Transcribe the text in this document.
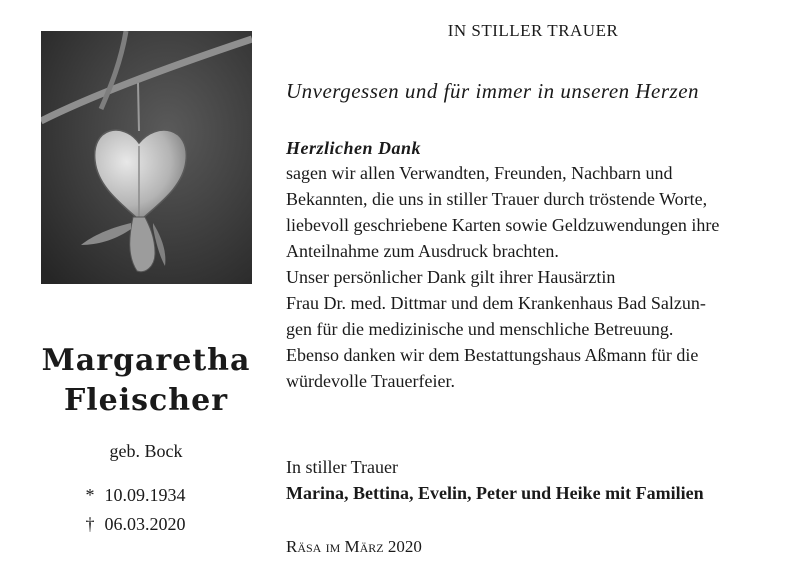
Margaretha
Fleischer
geb. Bock
* 10.09.1934
† 06.03.2020
IN STILLER TRAUER
Unvergessen und für immer in unseren Herzen
Herzlichen Dank

sagen wir allen Verwandten, Freunden, Nachbarn und

Bekannten, die uns in stiller Trauer durch tröstende Worte,

liebevoll geschriebene Karten sowie Geldzuwendungen ihre

Anteilnahme zum Ausdruck brachten.

Unser persönlicher Dank gilt ihrer Hausärztin

Frau Dr. med. Dittmar und dem Krankenhaus Bad Salzun-

gen für die medizinische und menschliche Betreuung.

Ebenso danken wir dem Bestattungshaus Aßmann für die

würdevolle Trauerfeier.

In stiller Trauer
Marina, Bettina, Evelin, Peter und Heike mit Familien
Räsa im März 2020
